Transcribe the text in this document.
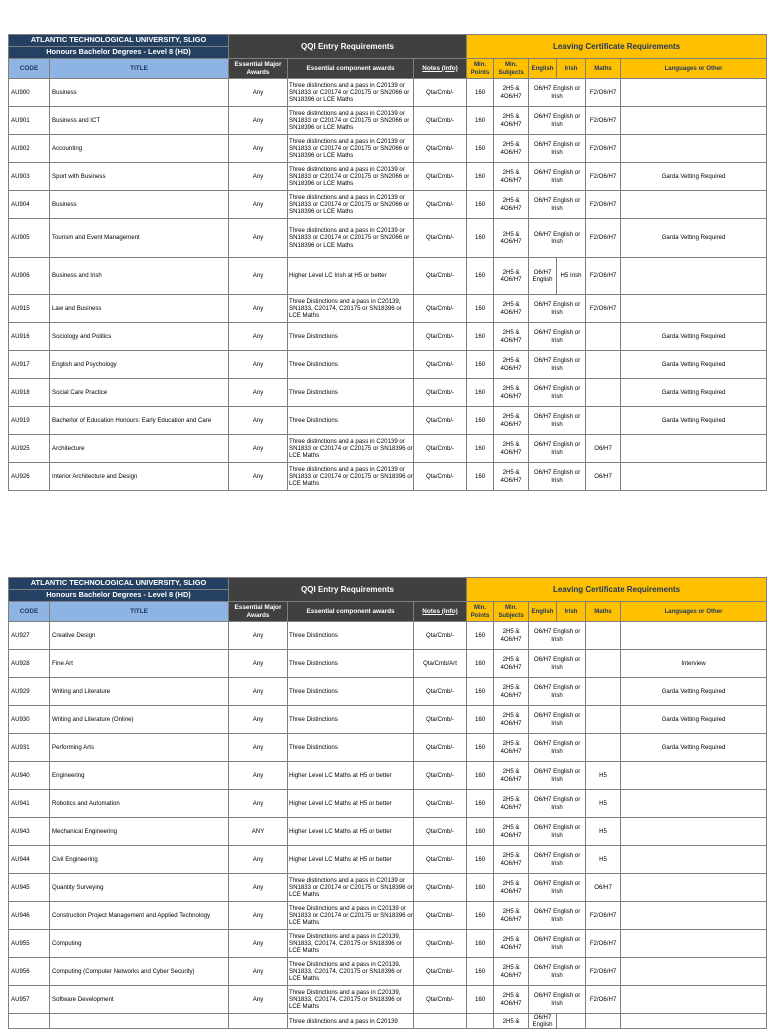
ATLANTIC TECHNOLOGICAL UNIVERSITY, SLIGO		QQI Entry Requirements			Leaving Certificate Requirements					
Honours Bachelor Degrees - Level 8 (HD)										
CODE	TITLE	Essential Major Awards	Essential component awards	Notes (Info)	Min. Points	Min. Subjects	English	Irish	Maths	Languages or Other
AU900	Business	Any	Three distinctions and a pass in C20139 or SN1833 or C20174 or C20175 or SN2066 or SN18396 or LCE Maths	Qta/Cmb/-	160	2H5 & 4O6/H7	O6/H7 English or Irish		F2/O6/H7	
AU901	Business and ICT	Any	Three distinctions and a pass in C20139 or SN1833 or C20174 or C20175 or SN2066 or SN18396 or LCE Maths	Qta/Cmb/-	160	2H5 & 4O6/H7	O6/H7 English or Irish		F2/O6/H7	
AU902	Accounting	Any	Three distinctions and a pass in C20139 or SN1833 or C20174 or C20175 or SN2066 or SN18396 or LCE Maths	Qta/Cmb/-	160	2H5 & 4O6/H7	O6/H7 English or Irish		F2/O6/H7	
AU903	Sport with Business	Any	Three distinctions and a pass in C20139 or SN1833 or C20174 or C20175 or SN2066 or SN18396 or LCE Maths	Qta/Cmb/-	160	2H5 & 4O6/H7	O6/H7 English or Irish		F2/O6/H7	Garda Vetting Required
AU904	Business	Any	Three distinctions and a pass in C20139 or SN1833 or C20174 or C20175 or SN2066 or SN18396 or LCE Maths	Qta/Cmb/-	160	2H5 & 4O6/H7	O6/H7 English or Irish		F2/O6/H7	
AU905	Tourism and Event Management	Any	Three distinctions and a pass in C20139 or SN1833 or C20174 or C20175 or SN2066 or SN18396 or LCE Maths	Qta/Cmb/-	160	2H5 & 4O6/H7	O6/H7 English or Irish		F2/O6/H7	Garda Vetting Required
AU906	Business and Irish	Any	Higher Level LC Irish at H5 or better	Qta/Cmb/-	160	2H5 & 4O6/H7	O6/H7 English	H5 Irish	F2/O6/H7	
AU915	Law and Business	Any	Three Distinctions and a pass in C20139, SN1833, C20174, C20175 or SN18396 or LCE Maths	Qta/Cmb/-	160	2H5 & 4O6/H7	O6/H7 English or Irish		F2/O6/H7	
AU916	Sociology and Politics	Any	Three Distinctions	Qta/Cmb/-	160	2H5 & 4O6/H7	O6/H7 English or Irish			Garda Vetting Required
AU917	English and Psychology	Any	Three Distinctions	Qta/Cmb/-	160	2H5 & 4O6/H7	O6/H7 English or Irish			Garda Vetting Required
AU918	Social Care Practice	Any	Three Distinctions	Qta/Cmb/-	160	2H5 & 4O6/H7	O6/H7 English or Irish			Garda Vetting Required
AU919	Bacherlor of Education Honours: Early Education and Care	Any	Three Distinctions	Qta/Cmb/-	160	2H5 & 4O6/H7	O6/H7 English or Irish			Garda Vetting Required
AU925	Architecture	Any	Three distinctions and a pass in C20139 or SN1833 or C20174 or C20175 or SN18396 or LCE Maths	Qta/Cmb/-	160	2H5 & 4O6/H7	O6/H7 English or Irish		O6/H7	
AU926	Interior Architecture and Design	Any	Three distinctions and a pass in C20139 or SN1833 or C20174 or C20175 or SN18396 or LCE Maths	Qta/Cmb/-	160	2H5 & 4O6/H7	O6/H7 English or Irish		O6/H7	
ATLANTIC TECHNOLOGICAL UNIVERSITY, SLIGO		QQI Entry Requirements			Leaving Certificate Requirements					
Honours Bachelor Degrees - Level 8 (HD)										
CODE	TITLE	Essential Major Awards	Essential component awards	Notes (Info)	Min. Points	Min. Subjects	English	Irish	Maths	Languages or Other
AU927	Creative Design	Any	Three Distinctions	Qta/Cmb/-	160	2H5 & 4O6/H7	O6/H7 English or Irish			
AU928	Fine Art	Any	Three Distinctions	Qta/Cmb/Art	160	2H5 & 4O6/H7	O6/H7 English or Irish			Interview
AU929	Writing and Literature	Any	Three Distinctions	Qta/Cmb/-	160	2H5 & 4O6/H7	O6/H7 English or Irish			Garda Vetting Required
AU930	Writing and Literature (Online)	Any	Three Distinctions	Qta/Cmb/-	160	2H5 & 4O6/H7	O6/H7 English or Irish			Garda Vetting Required
AU931	Performing Arts	Any	Three Distinctions	Qta/Cmb/-	160	2H5 & 4O6/H7	O6/H7 English or Irish			Garda Vetting Required
AU940	Engineering	Any	Higher Level LC Maths at H5 or better	Qta/Cmb/-	160	2H5 & 4O6/H7	O6/H7 English or Irish		H5	
AU941	Robotics and Automation	Any	Higher Level LC Maths at H5 or better	Qta/Cmb/-	160	2H5 & 4O6/H7	O6/H7 English or Irish		H5	
AU943	Mechanical Engineering	ANY	Higher Level LC Maths at H5 or better	Qta/Cmb/-	160	2H5 & 4O6/H7	O6/H7 English or Irish		H5	
AU944	Civil Engineering	Any	Higher Level LC Maths at H5 or better	Qta/Cmb/-	160	2H5 & 4O6/H7	O6/H7 English or Irish		H5	
AU945	Quantity Surveying	Any	Three distinctions and a pass in C20139 or SN1833 or C20174 or C20175 or SN18396 or LCE Maths	Qta/Cmb/-	160	2H5 & 4O6/H7	O6/H7 English or Irish		O6/H7	
AU946	Construction Project Management and Applied Technology	Any	Three Distinctions and a pass in C20139 or SN1833 or C20174 or C20175 or SN18396 or LCE Maths	Qta/Cmb/-	160	2H5 & 4O6/H7	O6/H7 English or Irish		F2/O6/H7	
AU955	Computing	Any	Three Distinctions and a pass in C20139, SN1833, C20174, C20175 or SN18396 or LCE Maths	Qta/Cmb/-	160	2H5 & 4O6/H7	O6/H7 English or Irish		F2/O6/H7	
AU956	Computing (Computer Networks and Cyber Security)	Any	Three Distinctions and a pass in C20139, SN1833, C20174, C20175 or SN18396 or LCE Maths	Qta/Cmb/-	160	2H5 & 4O6/H7	O6/H7 English or Irish		F2/O6/H7	
AU957	Software Development	Any	Three Distinctions and a pass in C20139, SN1833, C20174, C20175 or SN18396 or LCE Maths	Qta/Cmb/-	160	2H5 & 4O6/H7	O6/H7 English or Irish		F2/O6/H7	
			Three distinctions and a pass in C20139			2H5 &	O6/H7 English			
